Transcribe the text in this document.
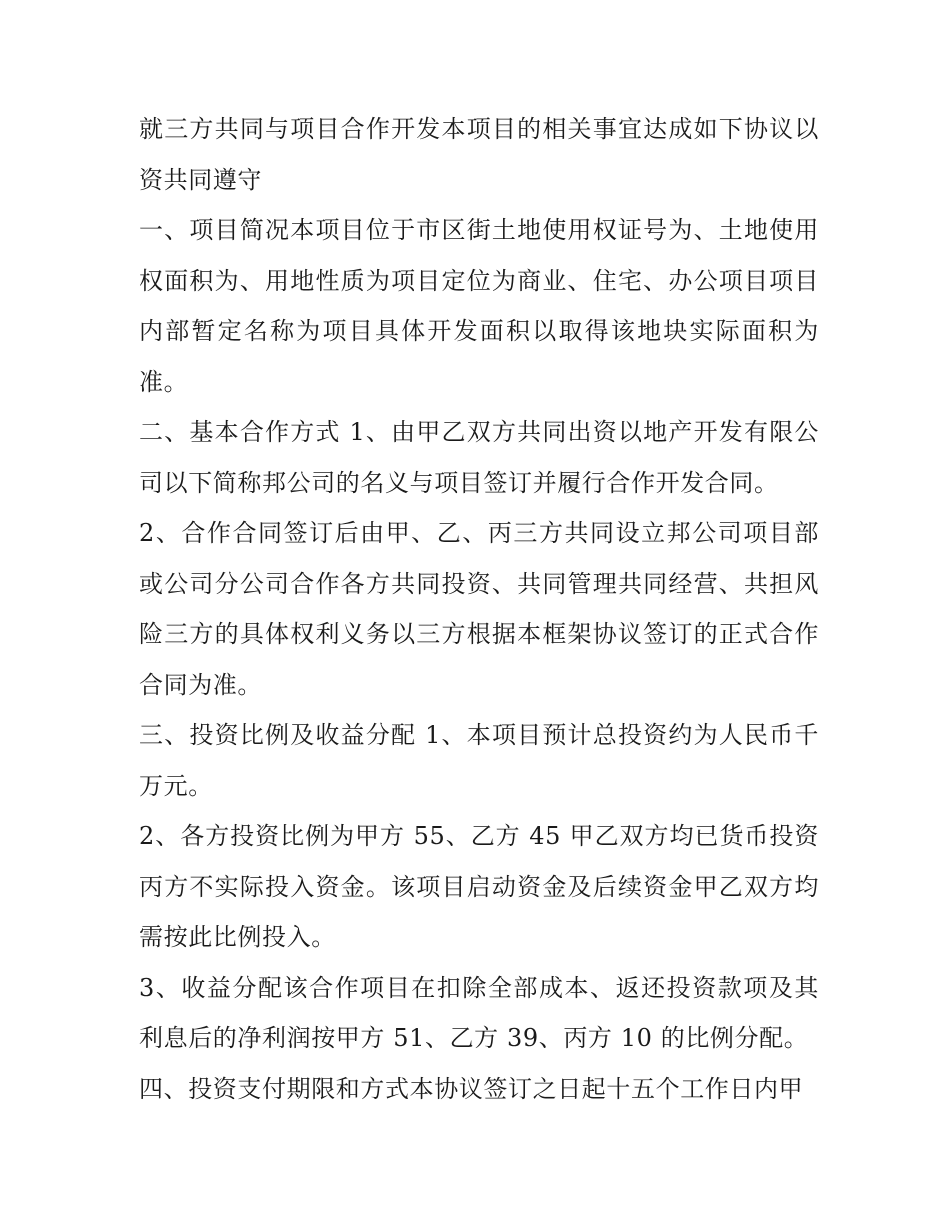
就三方共同与项目合作开发本项目的相关事宜达成如下协议以资共同遵守

一、项目简况本项目位于市区街土地使用权证号为、土地使用权面积为、用地性质为项目定位为商业、住宅、办公项目项目内部暂定名称为项目具体开发面积以取得该地块实际面积为准。

二、基本合作方式 1、由甲乙双方共同出资以地产开发有限公司以下简称邦公司的名义与项目签订并履行合作开发合同。

2、合作合同签订后由甲、乙、丙三方共同设立邦公司项目部或公司分公司合作各方共同投资、共同管理共同经营、共担风险三方的具体权利义务以三方根据本框架协议签订的正式合作合同为准。

三、投资比例及收益分配 1、本项目预计总投资约为人民币千万元。

2、各方投资比例为甲方 55、乙方 45 甲乙双方均已货币投资丙方不实际投入资金。该项目启动资金及后续资金甲乙双方均需按此比例投入。

3、收益分配该合作项目在扣除全部成本、返还投资款项及其利息后的净利润按甲方 51、乙方 39、丙方 10 的比例分配。

四、投资支付期限和方式本协议签订之日起十五个工作日内甲
